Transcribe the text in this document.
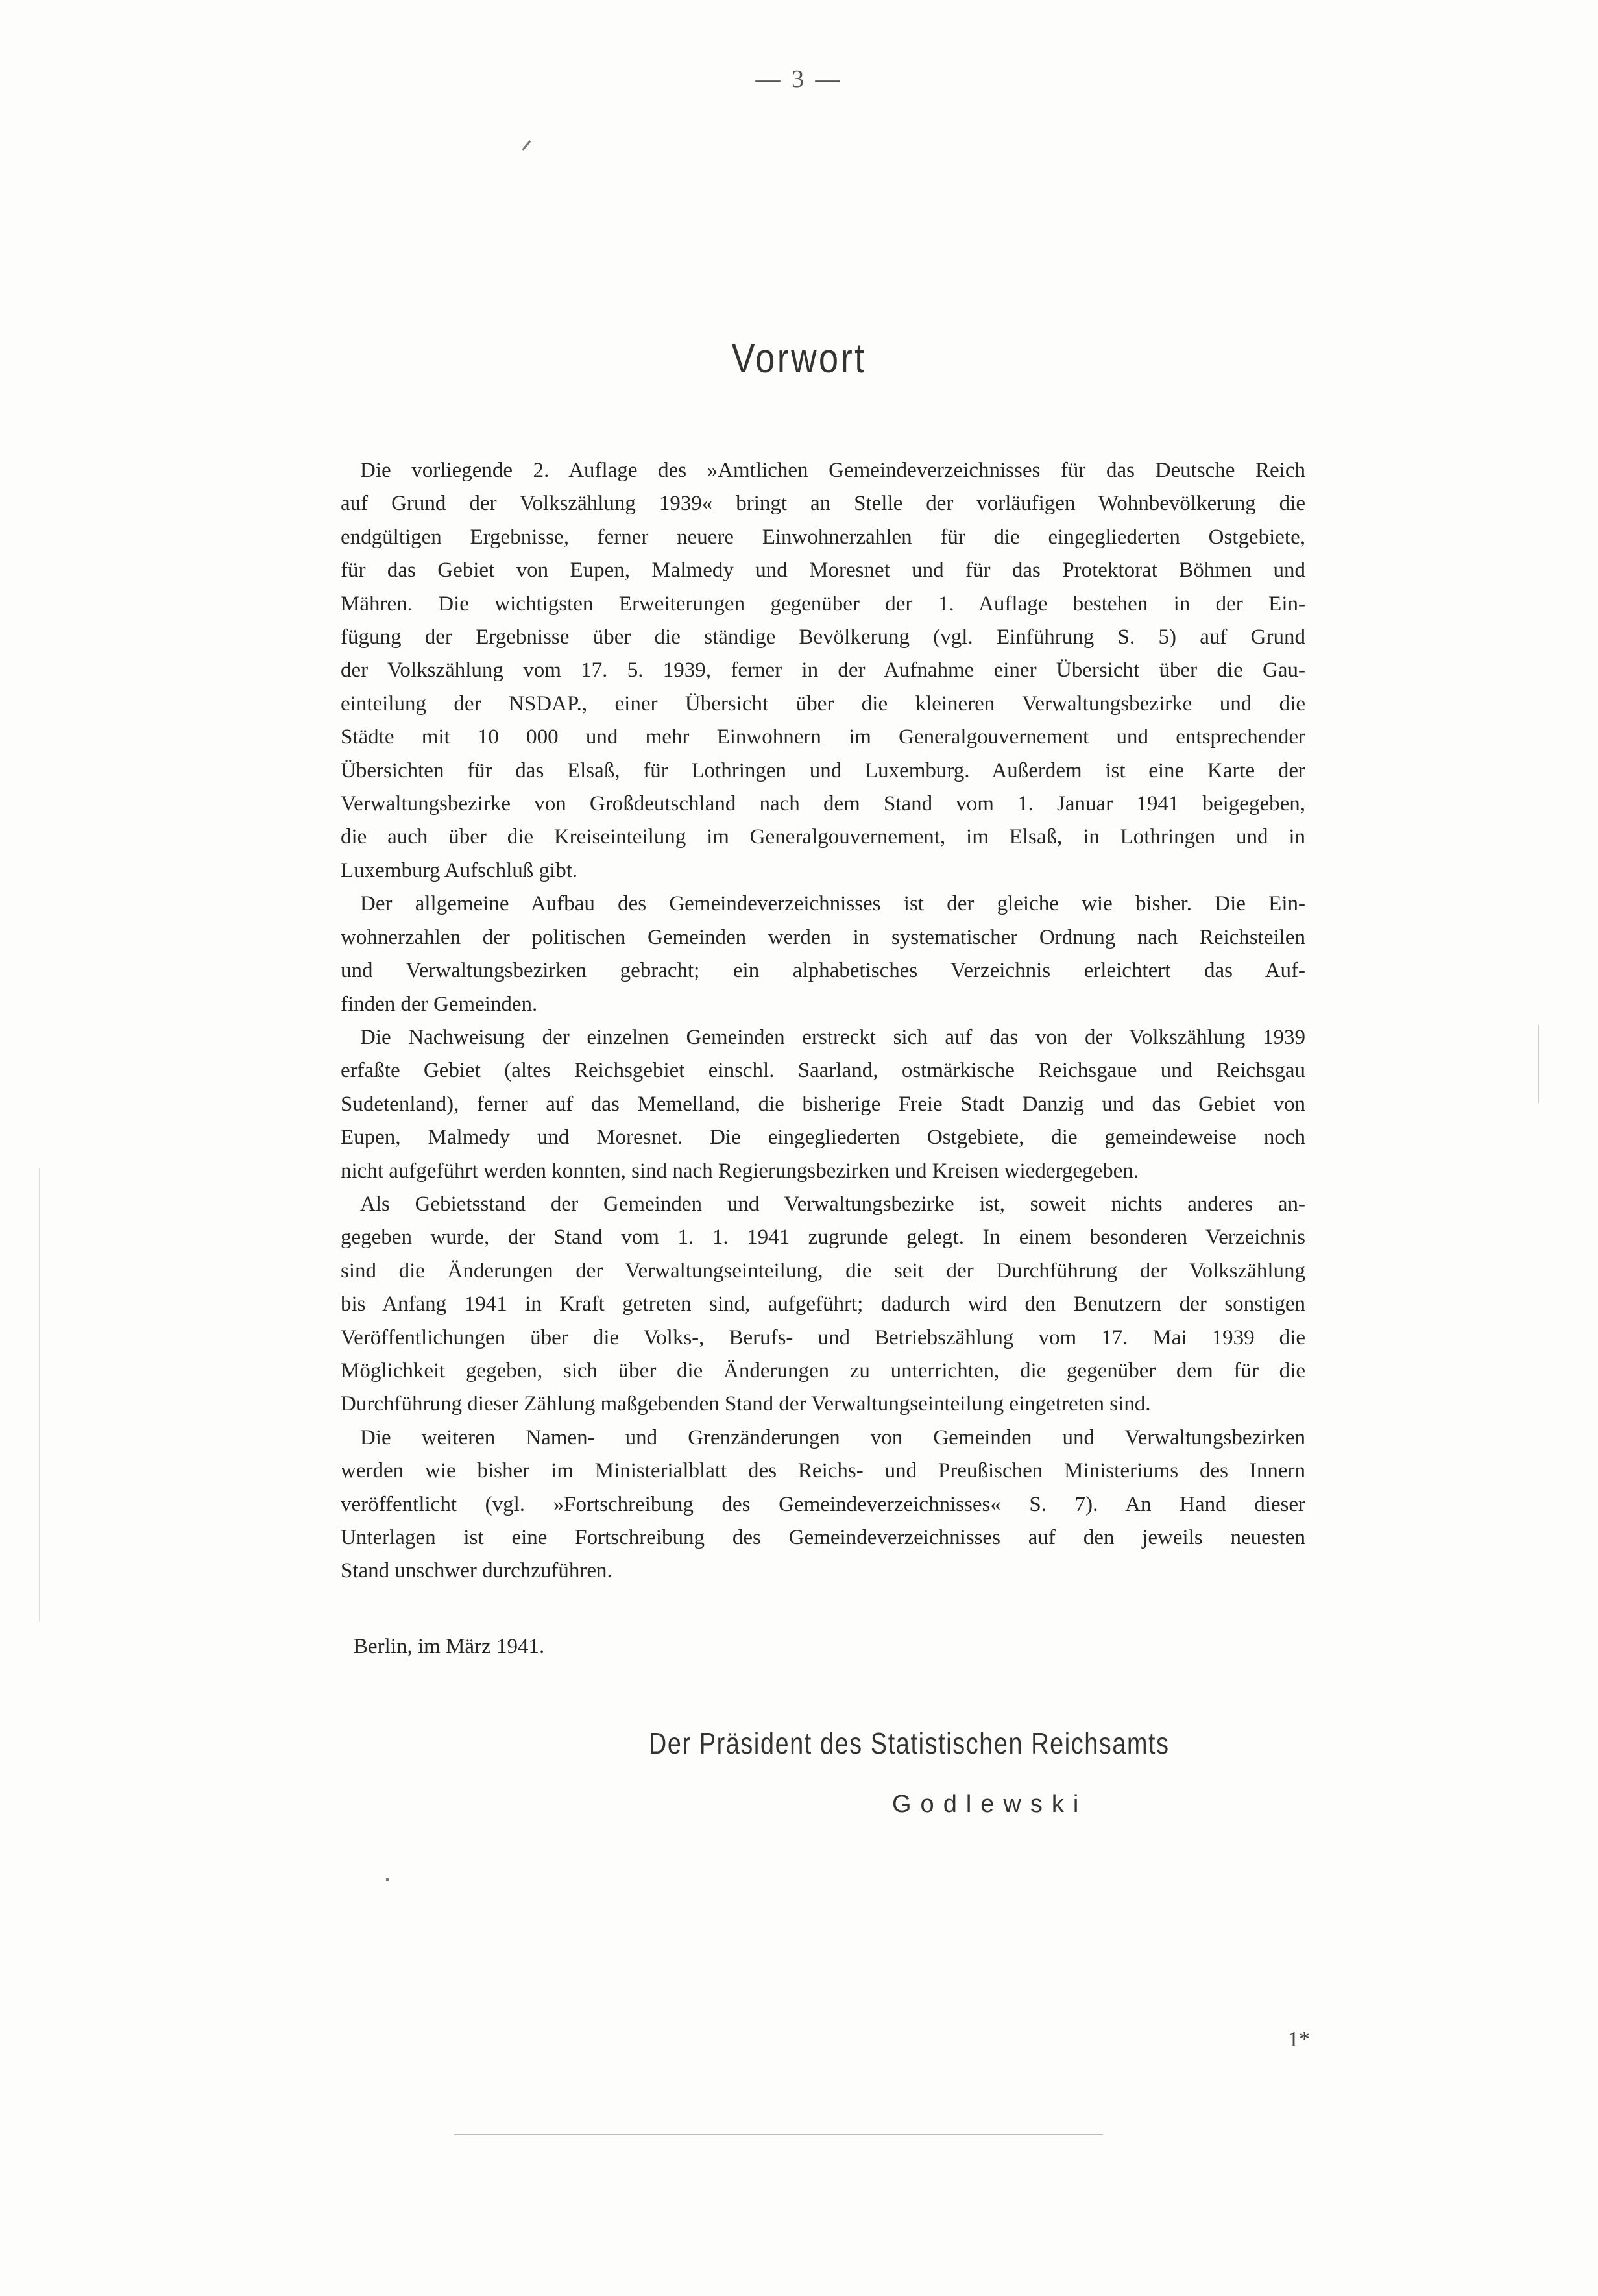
— 3 —
Vorwort
Die vorliegende 2. Auflage des »Amtlichen Gemeindeverzeichnisses für das Deutsche Reich
auf Grund der Volkszählung 1939« bringt an Stelle der vorläufigen Wohnbevölkerung die
endgültigen Ergebnisse, ferner neuere Einwohnerzahlen für die eingegliederten Ostgebiete,
für das Gebiet von Eupen, Malmedy und Moresnet und für das Protektorat Böhmen und
Mähren. Die wichtigsten Erweiterungen gegenüber der 1. Auflage bestehen in der Ein-
fügung der Ergebnisse über die ständige Bevölkerung (vgl. Einführung S. 5) auf Grund
der Volkszählung vom 17. 5. 1939, ferner in der Aufnahme einer Übersicht über die Gau-
einteilung der NSDAP., einer Übersicht über die kleineren Verwaltungsbezirke und die
Städte mit 10 000 und mehr Einwohnern im Generalgouvernement und entsprechender
Übersichten für das Elsaß, für Lothringen und Luxemburg. Außerdem ist eine Karte der
Verwaltungsbezirke von Großdeutschland nach dem Stand vom 1. Januar 1941 beigegeben,
die auch über die Kreiseinteilung im Generalgouvernement, im Elsaß, in Lothringen und in
Luxemburg Aufschluß gibt.
Der allgemeine Aufbau des Gemeindeverzeichnisses ist der gleiche wie bisher. Die Ein-
wohnerzahlen der politischen Gemeinden werden in systematischer Ordnung nach Reichsteilen
und Verwaltungsbezirken gebracht; ein alphabetisches Verzeichnis erleichtert das Auf-
finden der Gemeinden.
Die Nachweisung der einzelnen Gemeinden erstreckt sich auf das von der Volkszählung 1939
erfaßte Gebiet (altes Reichsgebiet einschl. Saarland, ostmärkische Reichsgaue und Reichsgau
Sudetenland), ferner auf das Memelland, die bisherige Freie Stadt Danzig und das Gebiet von
Eupen, Malmedy und Moresnet. Die eingegliederten Ostgebiete, die gemeindeweise noch
nicht aufgeführt werden konnten, sind nach Regierungsbezirken und Kreisen wiedergegeben.
Als Gebietsstand der Gemeinden und Verwaltungsbezirke ist, soweit nichts anderes an-
gegeben wurde, der Stand vom 1. 1. 1941 zugrunde gelegt. In einem besonderen Verzeichnis
sind die Änderungen der Verwaltungseinteilung, die seit der Durchführung der Volkszählung
bis Anfang 1941 in Kraft getreten sind, aufgeführt; dadurch wird den Benutzern der sonstigen
Veröffentlichungen über die Volks-, Berufs- und Betriebszählung vom 17. Mai 1939 die
Möglichkeit gegeben, sich über die Änderungen zu unterrichten, die gegenüber dem für die
Durchführung dieser Zählung maßgebenden Stand der Verwaltungseinteilung eingetreten sind.
Die weiteren Namen- und Grenzänderungen von Gemeinden und Verwaltungsbezirken
werden wie bisher im Ministerialblatt des Reichs- und Preußischen Ministeriums des Innern
veröffentlicht (vgl. »Fortschreibung des Gemeindeverzeichnisses« S. 7). An Hand dieser
Unterlagen ist eine Fortschreibung des Gemeindeverzeichnisses auf den jeweils neuesten
Stand unschwer durchzuführen.
Berlin, im März 1941.
Der Präsident des Statistischen Reichsamts
Godlewski
1*
